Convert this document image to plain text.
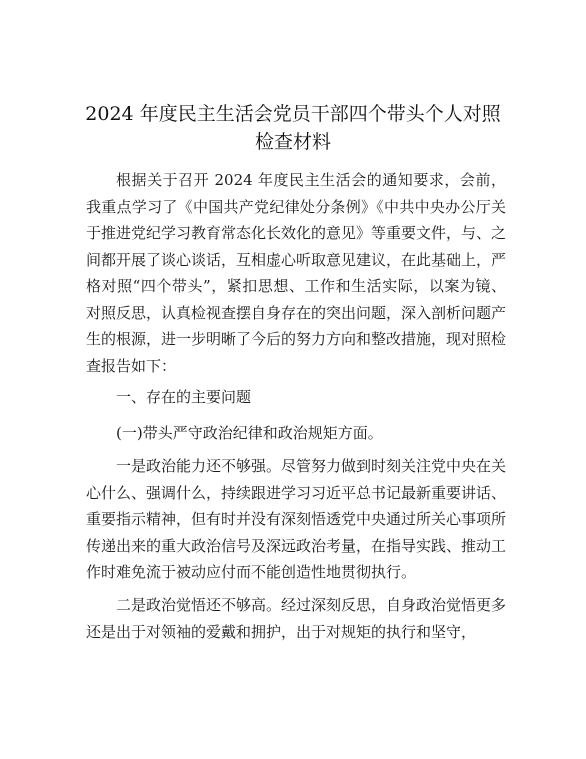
2024 年度民主生活会党员干部四个带头个人对照检查材料

根据关于召开 2024 年度民主生活会的通知要求，会前，我重点学习了《中国共产党纪律处分条例》《中共中央办公厅关于推进党纪学习教育常态化长效化的意见》等重要文件，与、之间都开展了谈心谈话，互相虚心听取意见建议，在此基础上，严格对照“四个带头”，紧扣思想、工作和生活实际，以案为镜、对照反思，认真检视查摆自身存在的突出问题，深入剖析问题产生的根源，进一步明晰了今后的努力方向和整改措施，现对照检查报告如下：

一、存在的主要问题

(一)带头严守政治纪律和政治规矩方面。

一是政治能力还不够强。尽管努力做到时刻关注党中央在关心什么、强调什么，持续跟进学习习近平总书记最新重要讲话、重要指示精神，但有时并没有深刻悟透党中央通过所关心事项所传递出来的重大政治信号及深远政治考量，在指导实践、推动工作时难免流于被动应付而不能创造性地贯彻执行。

二是政治觉悟还不够高。经过深刻反思，自身政治觉悟更多还是出于对领袖的爱戴和拥护，出于对规矩的执行和坚守，
